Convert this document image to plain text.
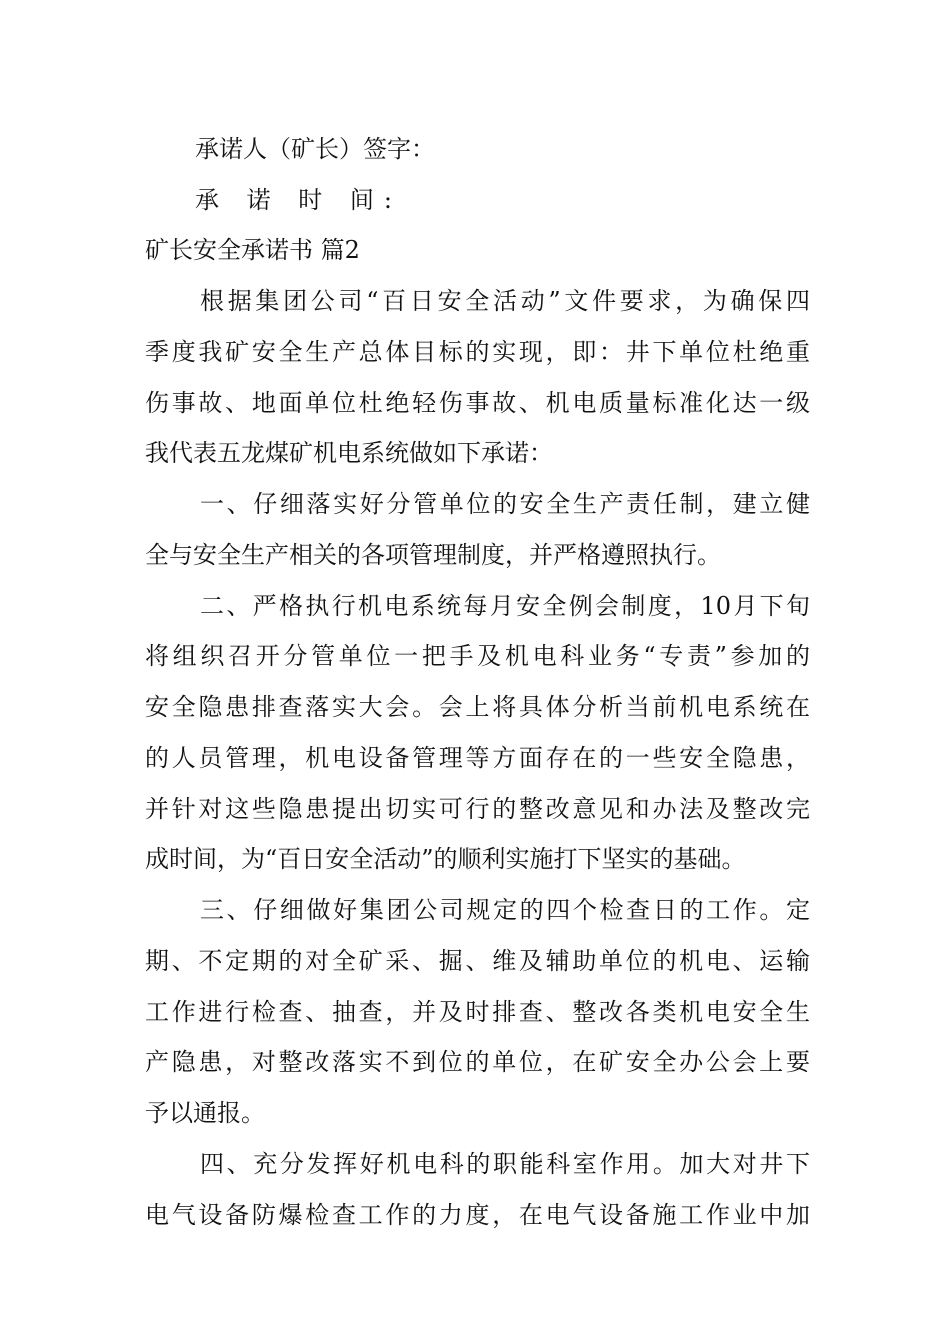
承诺人（矿长）签字：
承 诺 时 间:
矿长安全承诺书 篇2
根据集团公司“百日安全活动”文件要求，为确保四
季度我矿安全生产总体目标的实现，即：井下单位杜绝重
伤事故、地面单位杜绝轻伤事故、机电质量标准化达一级
我代表五龙煤矿机电系统做如下承诺：
一、仔细落实好分管单位的安全生产责任制，建立健
全与安全生产相关的各项管理制度，并严格遵照执行。
二、严格执行机电系统每月安全例会制度，10月下旬
将组织召开分管单位一把手及机电科业务“专责”参加的
安全隐患排查落实大会。会上将具体分析当前机电系统在
的人员管理，机电设备管理等方面存在的一些安全隐患，
并针对这些隐患提出切实可行的整改意见和办法及整改完
成时间，为“百日安全活动”的顺利实施打下坚实的基础。
三、仔细做好集团公司规定的四个检查日的工作。定
期、不定期的对全矿采、掘、维及辅助单位的机电、运输
工作进行检查、抽查，并及时排查、整改各类机电安全生
产隐患，对整改落实不到位的单位，在矿安全办公会上要
予以通报。
四、充分发挥好机电科的职能科室作用。加大对井下
电气设备防爆检查工作的力度，在电气设备施工作业中加
